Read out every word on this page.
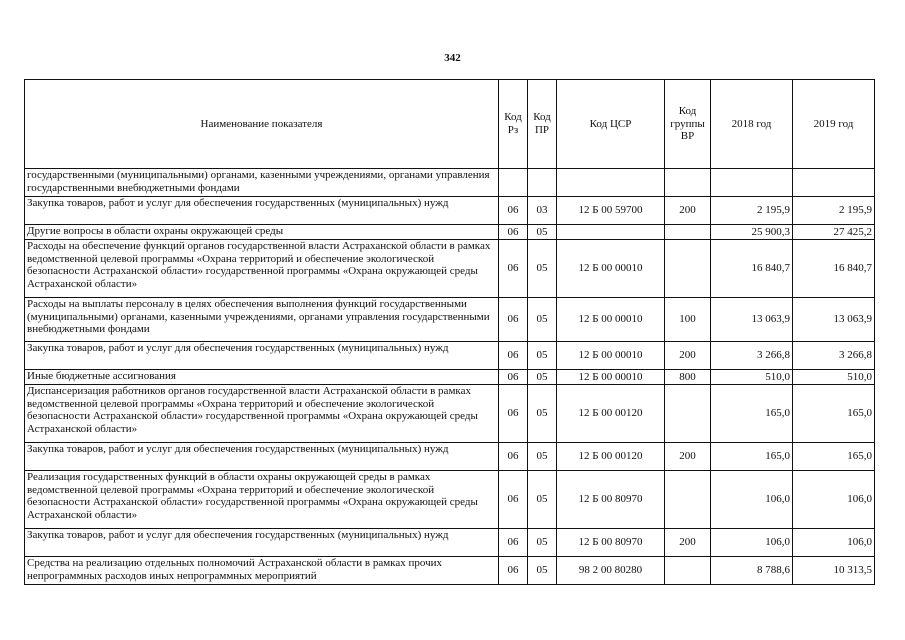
342
Наименование показателя	Код Рз	Код ПР	Код ЦСР	Код группы ВР	2018 год	2019 год
государственными (муниципальными) органами, казенными учреждениями, органами управления государственными внебюджетными фондами						
Закупка товаров, работ и услуг для обеспечения государственных (муниципальных) нужд	06	03	12 Б 00 59700	200	2 195,9	2 195,9
Другие вопросы в области охраны окружающей среды	06	05			25 900,3	27 425,2
Расходы на обеспечение функций органов государственной власти Астраханской области в рамках ведомственной целевой программы «Охрана территорий и обеспечение экологической безопасности Астраханской области» государственной программы «Охрана окружающей среды Астраханской области»	06	05	12 Б 00 00010		16 840,7	16 840,7
Расходы на выплаты персоналу в целях обеспечения выполнения функций государственными (муниципальными) органами, казенными учреждениями, органами управления государственными внебюджетными фондами	06	05	12 Б 00 00010	100	13 063,9	13 063,9
Закупка товаров, работ и услуг для обеспечения государственных (муниципальных) нужд	06	05	12 Б 00 00010	200	3 266,8	3 266,8
Иные бюджетные ассигнования	06	05	12 Б 00 00010	800	510,0	510,0
Диспансеризация работников органов государственной власти Астраханской области в рамках ведомственной целевой программы «Охрана территорий и обеспечение экологической безопасности Астраханской области» государственной программы «Охрана окружающей среды Астраханской области»	06	05	12 Б 00 00120		165,0	165,0
Закупка товаров, работ и услуг для обеспечения государственных (муниципальных) нужд	06	05	12 Б 00 00120	200	165,0	165,0
Реализация государственных функций в области охраны окружающей среды в рамках ведомственной целевой программы «Охрана территорий и обеспечение экологической безопасности Астраханской области» государственной программы «Охрана окружающей среды Астраханской области»	06	05	12 Б 00 80970		106,0	106,0
Закупка товаров, работ и услуг для обеспечения государственных (муниципальных) нужд	06	05	12 Б 00 80970	200	106,0	106,0
Средства на реализацию отдельных полномочий Астраханской области в рамках прочих непрограммных расходов иных непрограммных мероприятий	06	05	98 2 00 80280		8 788,6	10 313,5
